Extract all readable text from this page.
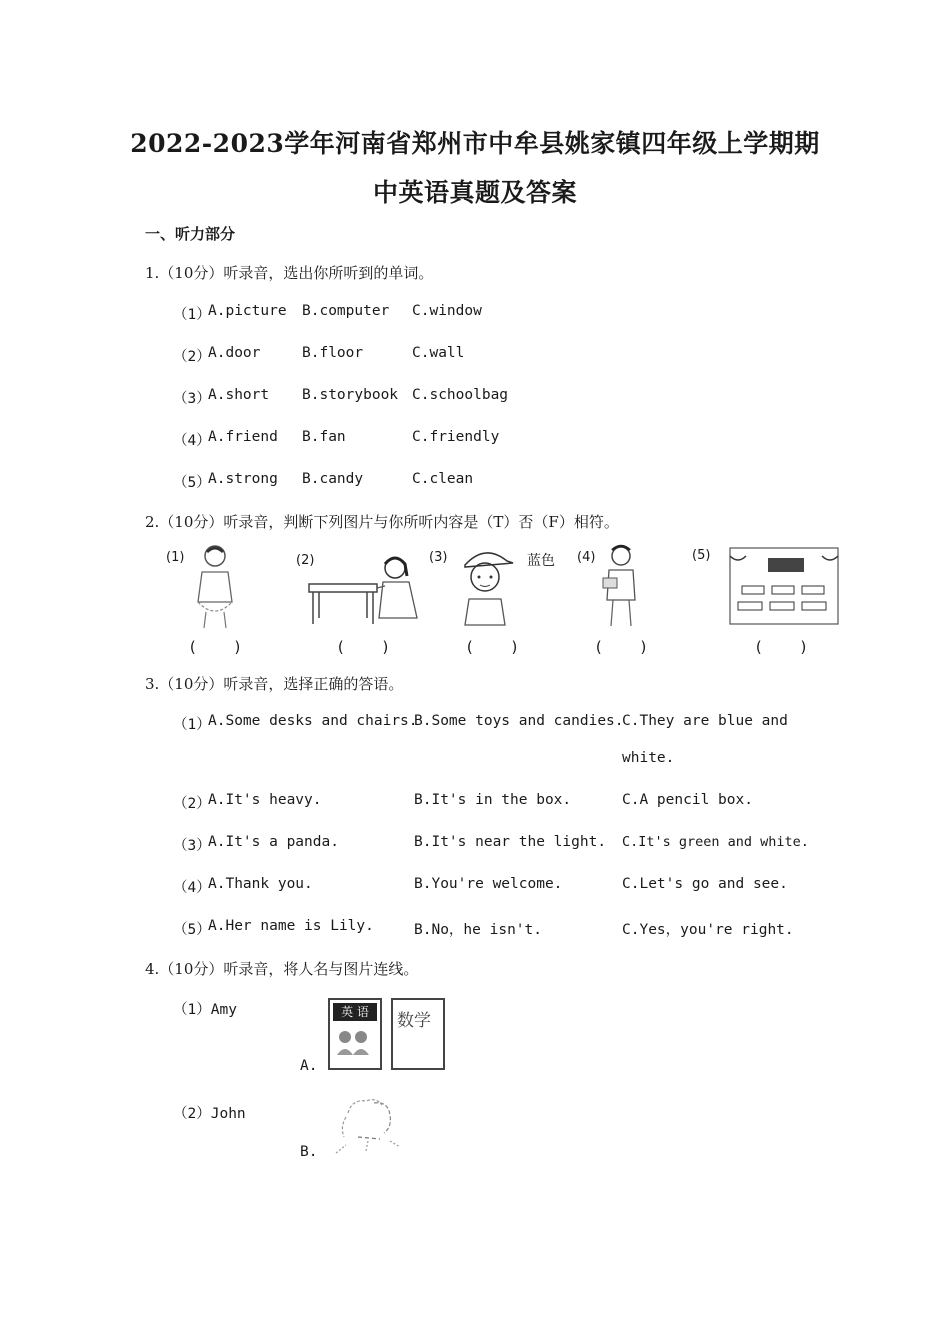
2022-2023学年河南省郑州市中牟县姚家镇四年级上学期期
中英语真题及答案
一、听力部分
1.（10分）听录音，选出你所听到的单词。
（1）
A.picture B.computer C.window
（2）
A.door	B.floor	C.wall
（3）
A.short B.storybook C.schoolbag
（4）
A.friend B.fan	C.friendly
（5）
A.strong B.candy	C.clean
2.（10分）听录音，判断下列图片与你所听内容是（T）否（F）相符。
(1)	(2)	(3)	蓝色 (4)	(5)
(    )	(    )	(    )	(    )	(    )
3.（10分）听录音，选择正确的答语。
（1）
A.Some desks and chairs.
B.Some toys and candies.
C.They are blue and
white.
（2）
A.It's heavy.	B.It's in the box.	C.A pencil box.
（3）
A.It's a panda.	B.It's near the light. C.It's green and white.
（4）
A.Thank you.	B.You're welcome.	C.Let's go and see.
（5）
A.Her name is Lily.	B.No，he isn't.	C.Yes，you're right.
4.（10分）听录音，将人名与图片连线。
（1）Amy
A.
英 语	数学
（2）John
B.
